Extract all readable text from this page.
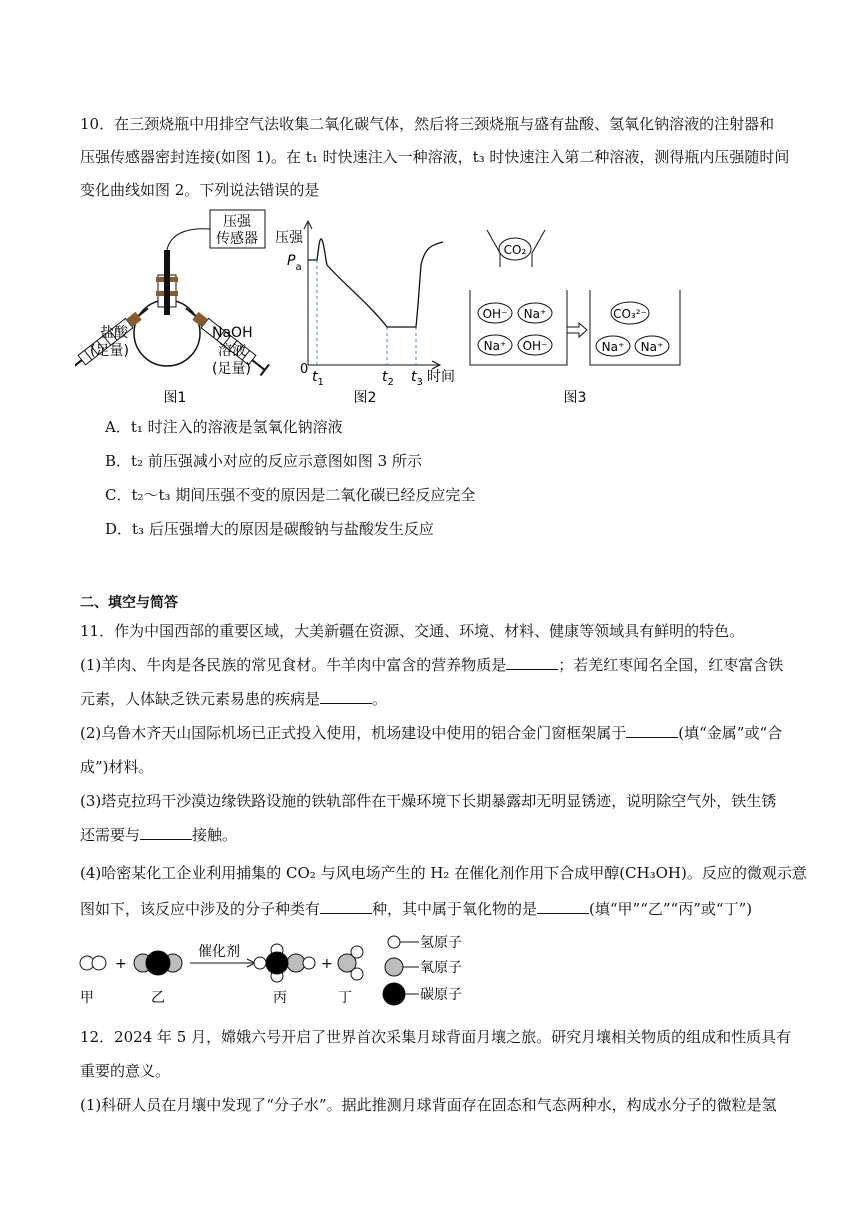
10．在三颈烧瓶中用排空气法收集二氧化碳气体，然后将三颈烧瓶与盛有盐酸、氢氧化钠溶液的注射器和
压强传感器密封连接(如图 1)。在 t₁ 时快速注入一种溶液，t₃ 时快速注入第二种溶液，测得瓶内压强随时间
变化曲线如图 2。下列说法错误的是
压强
传感器
盐酸
(足量)
NaOH
溶液
(足量)
图1
压强
$P_a$
0 $t_1$	$t_2$ $t_3$ 时间
图2
CO₂
OH⁻ Na⁺
Na⁺ OH⁻
CO₃²⁻
Na⁺ Na⁺
图3
A．t₁ 时注入的溶液是氢氧化钠溶液
B．t₂ 前压强减小对应的反应示意图如图 3 所示
C．t₂～t₃ 期间压强不变的原因是二氧化碳已经反应完全
D．t₃ 后压强增大的原因是碳酸钠与盐酸发生反应
二、填空与简答
11．作为中国西部的重要区域，大美新疆在资源、交通、环境、材料、健康等领域具有鲜明的特色。
(1)羊肉、牛肉是各民族的常见食材。牛羊肉中富含的营养物质是	；若羌红枣闻名全国，红枣富含铁
元素，人体缺乏铁元素易患的疾病是	。
(2)乌鲁木齐天山国际机场已正式投入使用，机场建设中使用的铝合金门窗框架属于	(填“金属”或“合
成”)材料。
(3)塔克拉玛干沙漠边缘铁路设施的铁轨部件在干燥环境下长期暴露却无明显锈迹，说明除空气外，铁生锈
还需要与	接触。
(4)哈密某化工企业利用捕集的 CO₂ 与风电场产生的 H₂ 在催化剂作用下合成甲醇(CH₃OH)。反应的微观示意
图如下，该反应中涉及的分子种类有	种，其中属于氧化物的是	(填“甲”“乙”“丙”或“丁”)
+
催化剂
+
甲	乙	丙	丁
氢原子
氧原子
碳原子
12．2024 年 5 月，嫦娥六号开启了世界首次采集月球背面月壤之旅。研究月壤相关物质的组成和性质具有
重要的意义。
(1)科研人员在月壤中发现了“分子水”。据此推测月球背面存在固态和气态两种水，构成水分子的微粒是氢
